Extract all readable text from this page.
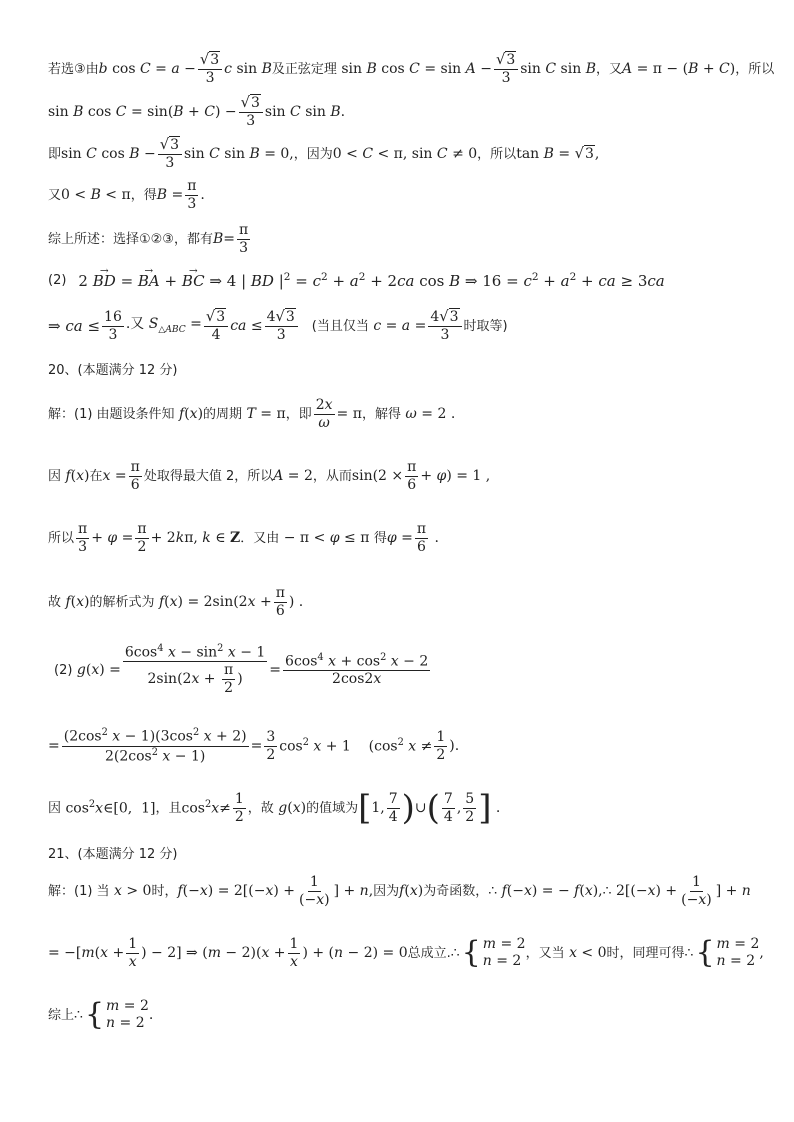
若选③由 b $\cos C = a - \frac{√3}{3}$ c sin B 及正弦定理 sin B $\cos C = \sin A - \frac{√3}{3}$ sin C sin B ，又 A = π − (B + C) ，所以
sin B $\cos C = \sin(B + C) - \frac{√3}{3}$ sin C sin B.
即 sin C $\cos B - \frac{√3}{3}$ sin C sin B = 0, ，因为 0 < C < π, sin C ≠ 0 ，所以 tan B = √3,
又 0 < B < π ，得 $B = \frac{\pi}{3}$ .
综上所述：选择①②③，都有 $B= \frac{\pi}{3}$
(2) 2 → BD = → BA + → BC ⇒ 4 | BD $|^2 = c^2 + a^2 + 2ca$ cos B ⇒ $16 = c^2 + a^2$ + ca ≥ 3ca
⇒ ca ≤ $\frac{16}{3}$ .又 $S_{\triangle ABC} = \frac{√3}{4}$ ca ≤ $\frac{4√3}{3}$ (当且仅当 $c = a = \frac{4√3}{3}$ 时取等)
20、(本题满分 12 分)
解：(1) 由题设条件知 f(x) 的周期 T = π ，即 $\frac{2x}{\omega} = \pi$ ，解得 ω = 2 .
因 f(x) 在 $x = \frac{\pi}{6}$ 处取得最大值 2，所以 A = 2 ，从而 $\sin(2 \times \frac{\pi}{6} + \varphi) = 1$ ,
所以 $\frac{\pi}{3} + \varphi = \frac{\pi}{2} + 2k\pi$, k ∈ Z ．又由 − π < φ ≤ π 得 $\varphi = \frac{\pi}{6}$ .
故 f(x) 的解析式为 $f(x) = 2\sin(2x + \frac{\pi}{6}$ ) .
(2) $g(x) = \frac{6\cos^4 x - \sin^2 x - 1}{2\sin(2x + \frac{\pi}{2} )} = \frac{6\cos^4 x + \cos^2 x - 2}{2\cos 2x}$
= $\frac{(2\cos^2 x - 1)(3\cos^2 x + 2)}{2(2\cos^2 x - 1)} = \frac{3}{2} \cos^2 x + 1$    ($\cos^2$ $x \ne \frac{1}{2}$ ).
因 $\cos^2x\in[0$,  1] ，且 $\cos^2x\ne \frac{1}{2}$ ，故 g(x) 的值域为 [ 1, $\frac{7}{4}$ ) ∪ ( $\frac{7}{4}$ , $\frac{5}{2}$ ] .
21、(本题满分 12 分)
解：(1) 当 x > 0 时， $f(-x) = 2[(-x) + \frac{1}{(-x)}$ ] + n, 因为 f(x) 为奇函数， ∴ f(−x) = − f(x),∴ $2[(-x) + \frac{1}{(-x)}$ ] + n
= $-[m(x + \frac{1}{x}$ ) − 2] ⇒ $(m - 2)(x + \frac{1}{x}$ ) + (n − 2) = 0 总成立. ∴ { m = 2
n = 2 ，又当 x < 0 时，同理可得 ∴ { m = 2
n = 2 ,
综上 ∴ { m = 2
n = 2 .
